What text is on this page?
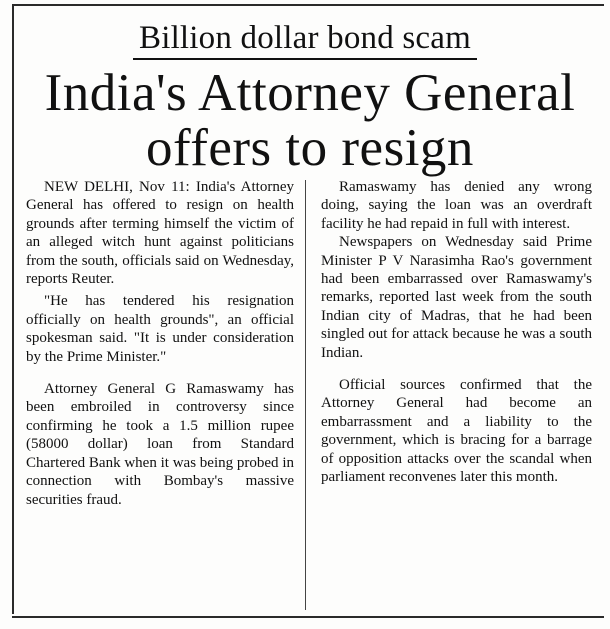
Billion dollar bond scam
India's Attorney General
offers to resign

NEW DELHI, Nov 11: India's Attorney General has offered to resign on health grounds after terming himself the victim of an alleged witch hunt against politicians from the south, officials said on Wednesday, reports Reuter.

"He has tendered his resignation officially on health grounds", an official spokesman said. "It is under consideration by the Prime Minister."

Attorney General G Ramaswamy has been embroiled in controversy since confirming he took a 1.5 million rupee (58000 dollar) loan from Standard Chartered Bank when it was being probed in connection with Bombay's massive securities fraud.

Ramaswamy has denied any wrong doing, saying the loan was an overdraft facility he had repaid in full with interest.

Newspapers on Wednesday said Prime Minister P V Narasimha Rao's government had been embarrassed over Ramaswamy's remarks, reported last week from the south Indian city of Madras, that he had been singled out for attack because he was a south Indian.

Official sources confirmed that the Attorney General had become an embarrassment and a liability to the government, which is bracing for a barrage of opposition attacks over the scandal when parliament reconvenes later this month.
